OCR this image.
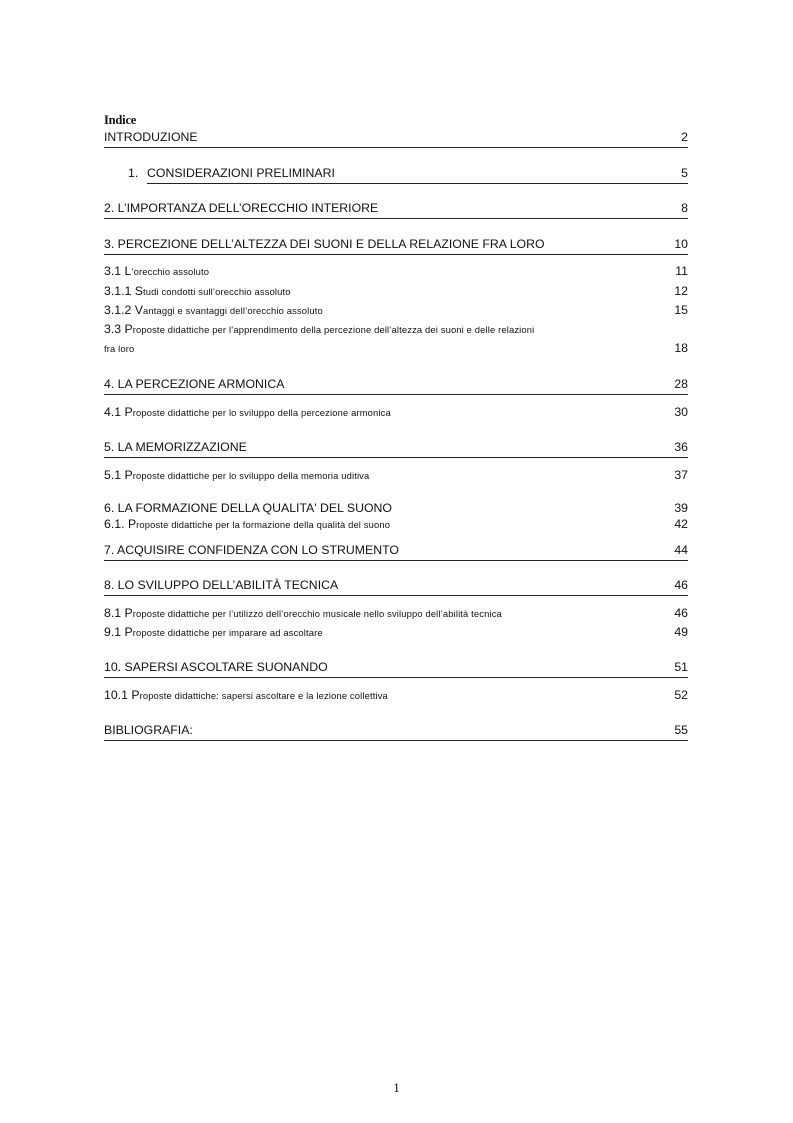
Indice
INTRODUZIONE	2
1. CONSIDERAZIONI PRELIMINARI	5
2. L’IMPORTANZA DELL’ORECCHIO INTERIORE	8
3. PERCEZIONE DELL’ALTEZZA DEI SUONI E DELLA RELAZIONE FRA LORO	10
3.1 L’orecchio assoluto	11
3.1.1 Studi condotti sull’orecchio assoluto	12
3.1.2 Vantaggi e svantaggi dell’orecchio assoluto	15
3.3 Proposte didattiche per l’apprendimento della percezione dell’altezza dei suoni e delle relazioni
fra loro	18
4. LA PERCEZIONE ARMONICA	28
4.1 Proposte didattiche per lo sviluppo della percezione armonica	30
5. LA MEMORIZZAZIONE	36
5.1 Proposte didattiche per lo sviluppo della memoria uditiva	37
6. LA FORMAZIONE DELLA QUALITA' DEL SUONO	39
6.1. Proposte didattiche per la formazione della qualità del suono	42
7. ACQUISIRE CONFIDENZA CON LO STRUMENTO	44
8. LO SVILUPPO DELL’ABILITÀ TECNICA	46
8.1 Proposte didattiche per l’utilizzo dell’orecchio musicale nello sviluppo dell’abilità tecnica	46
9.1 Proposte didattiche per imparare ad ascoltare	49
10. SAPERSI ASCOLTARE SUONANDO	51
10.1 Proposte didattiche: sapersi ascoltare e la lezione collettiva	52
BIBLIOGRAFIA:	55
1
